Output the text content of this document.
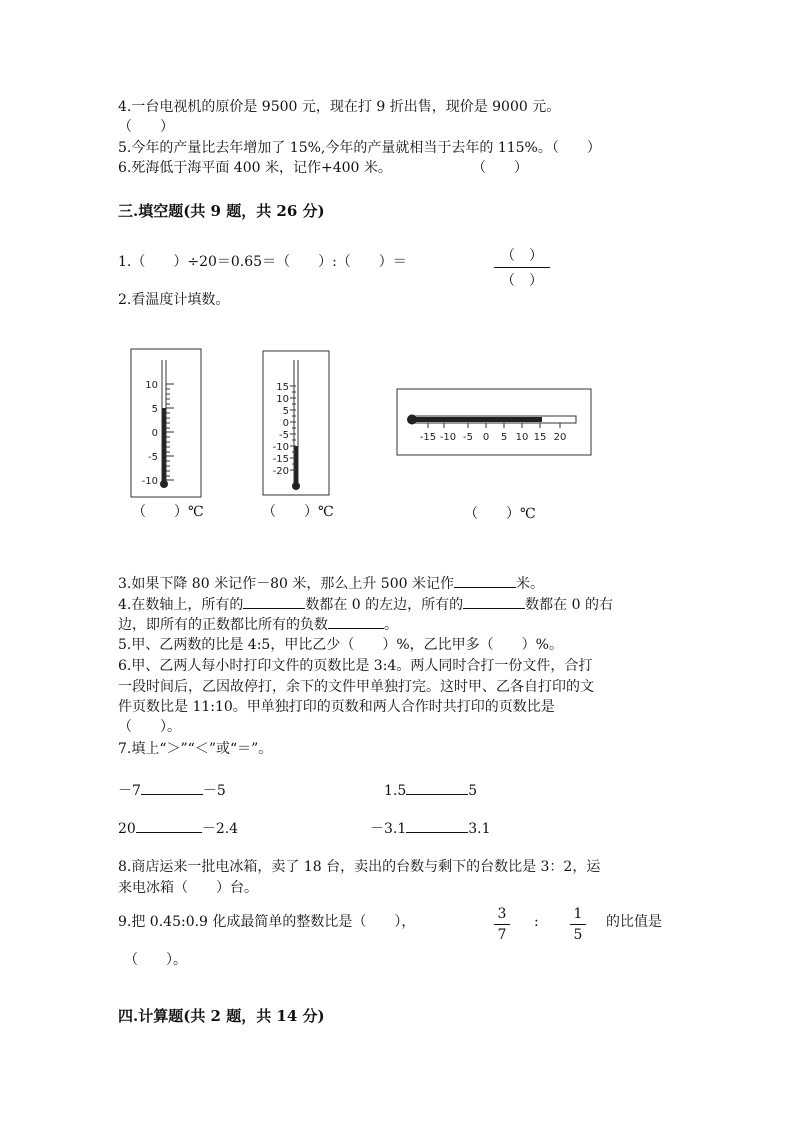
4.一台电视机的原价是 9500 元，现在打 9 折出售，现价是 9000 元。
（　　）
5.今年的产量比去年增加了 15%,今年的产量就相当于去年的 115%。（　　）
6.死海低于海平面 400 米，记作+400 米。	（　　）
三.填空题(共 9 题，共 26 分)
1.（　　）÷20＝0.65＝（　　）:（　　）＝	（　）
（　）
2.看温度计填数。
10
5
0
-5
-10
（　　）℃
15
10
5
0
-5
-10
-15
-20
（　　）℃
-15 -10 -5 0 5 10 15 20
（　　）℃
3.如果下降 80 米记作－80 米，那么上升 500 米记作	米。
4.在数轴上，所有的	数都在 0 的左边，所有的	数都在 0 的右
边，即所有的正数都比所有的负数	。
5.甲、乙两数的比是 4:5，甲比乙少（　　）%，乙比甲多（　　）%。
6.甲、乙两人每小时打印文件的页数比是 3:4。两人同时合打一份文件，合打
一段时间后，乙因故停打，余下的文件甲单独打完。这时甲、乙各自打印的文
件页数比是 11:10。甲单独打印的页数和两人合作时共打印的页数比是
（　　）。
7.填上“＞”“＜”或“＝”。
－7	－5	1.5	5
20	－2.4	－3.1	3.1
8.商店运来一批电冰箱，卖了 18 台，卖出的台数与剩下的台数比是 3：2，运
来电冰箱（　　）台。
9.把 0.45:0.9 化成最简单的整数比是（　　），	3
7
: 1
5
的比值是
（　　）。
四.计算题(共 2 题，共 14 分)
